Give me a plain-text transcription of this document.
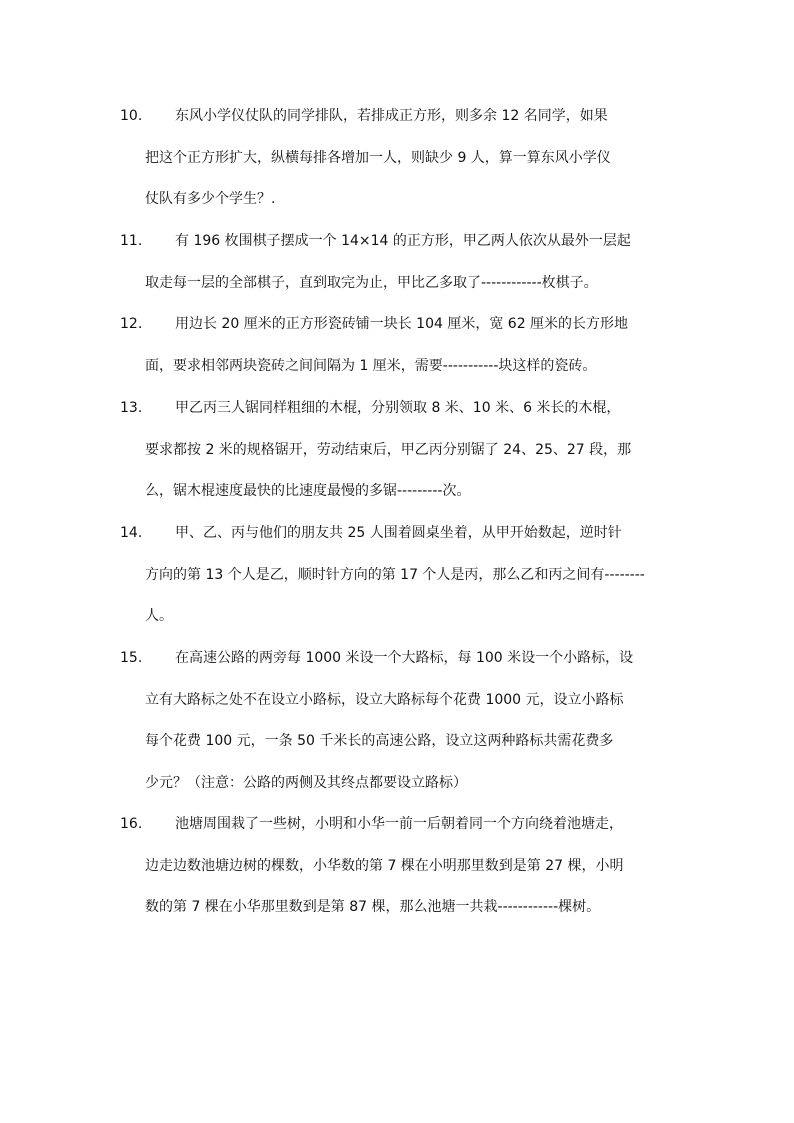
10.	东风小学仪仗队的同学排队，若排成正方形，则多余 12 名同学，如果
把这个正方形扩大，纵横每排各增加一人，则缺少 9 人，算一算东风小学仪
仗队有多少个学生？.
11.	有 196 枚围棋子摆成一个 14×14 的正方形，甲乙两人依次从最外一层起
取走每一层的全部棋子，直到取完为止，甲比乙多取了------------枚棋子。
12.	用边长 20 厘米的正方形瓷砖铺一块长 104 厘米，宽 62 厘米的长方形地
面，要求相邻两块瓷砖之间间隔为 1 厘米，需要-----------块这样的瓷砖。
13.	甲乙丙三人锯同样粗细的木棍，分别领取 8 米、10 米、6 米长的木棍，
要求都按 2 米的规格锯开，劳动结束后，甲乙丙分别锯了 24、25、27 段，那
么，锯木棍速度最快的比速度最慢的多锯---------次。
14.	甲、乙、丙与他们的朋友共 25 人围着圆桌坐着，从甲开始数起，逆时针
方向的第 13 个人是乙，顺时针方向的第 17 个人是丙，那么乙和丙之间有--------
人。
15.	在高速公路的两旁每 1000 米设一个大路标，每 100 米设一个小路标，设
立有大路标之处不在设立小路标，设立大路标每个花费 1000 元，设立小路标
每个花费 100 元，一条 50 千米长的高速公路，设立这两种路标共需花费多
少元？（注意：公路的两侧及其终点都要设立路标）
16.	池塘周围栽了一些树，小明和小华一前一后朝着同一个方向绕着池塘走，
边走边数池塘边树的棵数，小华数的第 7 棵在小明那里数到是第 27 棵，小明
数的第 7 棵在小华那里数到是第 87 棵，那么池塘一共栽------------棵树。
